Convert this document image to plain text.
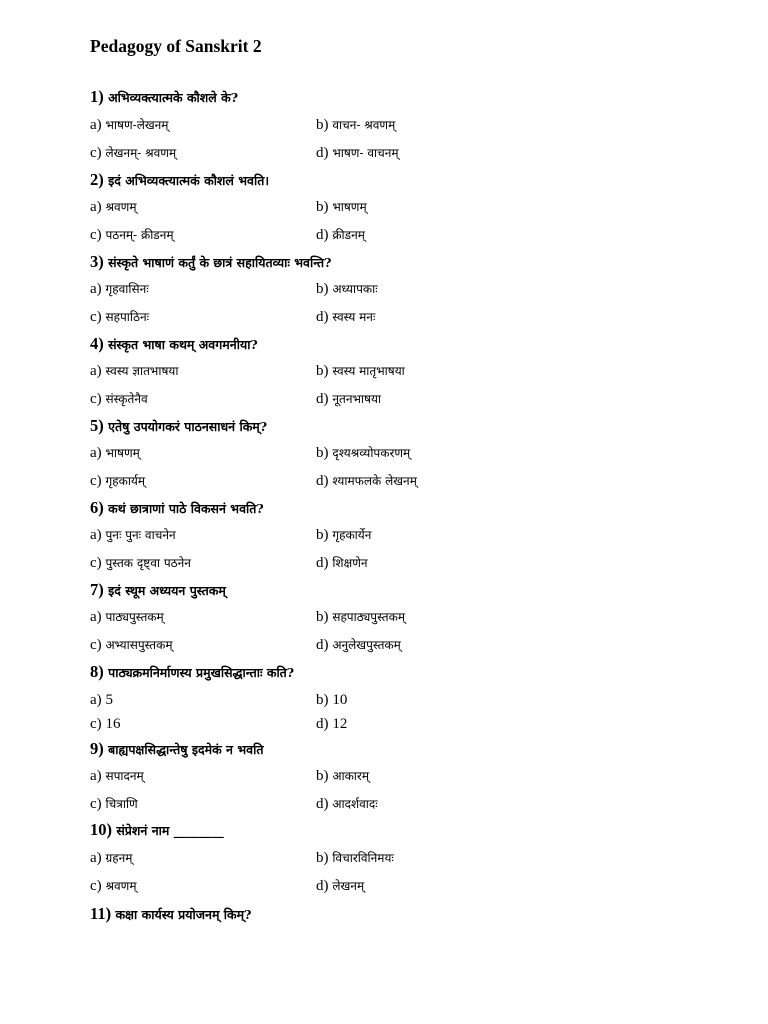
Pedagogy of Sanskrit 2
1) अभिव्यक्त्यात्मके कौशले के?
a) भाषण-लेखनम्	b) वाचन- श्रवणम्
c) लेखनम्- श्रवणम्	d) भाषण- वाचनम्
2) इदं अभिव्यक्त्यात्मकं कौशलं भवति।
a) श्रवणम्	b) भाषणम्
c) पठनम्- क्रीडनम्	d) क्रीडनम्
3) संस्कृते भाषाणं कर्तुं के छात्रं सहायितव्याः भवन्ति?
a) गृहवासिनः	b) अध्यापकाः
c) सहपाठिनः	d) स्वस्य मनः
4) संस्कृत भाषा कथम् अवगमनीया?
a) स्वस्य ज्ञातभाषया	b) स्वस्य मातृभाषया
c) संस्कृतेनैव	d) नूतनभाषया
5) एतेषु उपयोगकरं पाठनसाधनं किम्?
a) भाषणम्	b) दृश्यश्रव्योपकरणम्
c) गृहकार्यम्	d) श्यामफलके लेखनम्
6) कथं छात्राणां पाठे विकसनं भवति?
a) पुनः पुनः वाचनेन	b) गृहकार्येन
c) पुस्तक दृष्ट्वा पठनेन	d) शिक्षणेन
7) इदं स्थूम अध्ययन पुस्तकम्
a) पाठ्यपुस्तकम्	b) सहपाठ्यपुस्तकम्
c) अभ्यासपुस्तकम्	d) अनुलेखपुस्तकम्
8) पाठ्यक्रमनिर्माणस्य प्रमुखसिद्धान्ताः कति?
a) 5	b) 10
c) 16	d) 12
9) बाह्यपक्षसिद्धान्तेषु इदमेकं न भवति
a) सपादनम्	b) आकारम्
c) चित्राणि	d) आदर्शवादः
10) संप्रेशनं नाम ________
a) ग्रहनम्	b) विचारविनिमयः
c) श्रवणम्	d) लेखनम्
11) कक्षा कार्यस्य प्रयोजनम् किम्?
